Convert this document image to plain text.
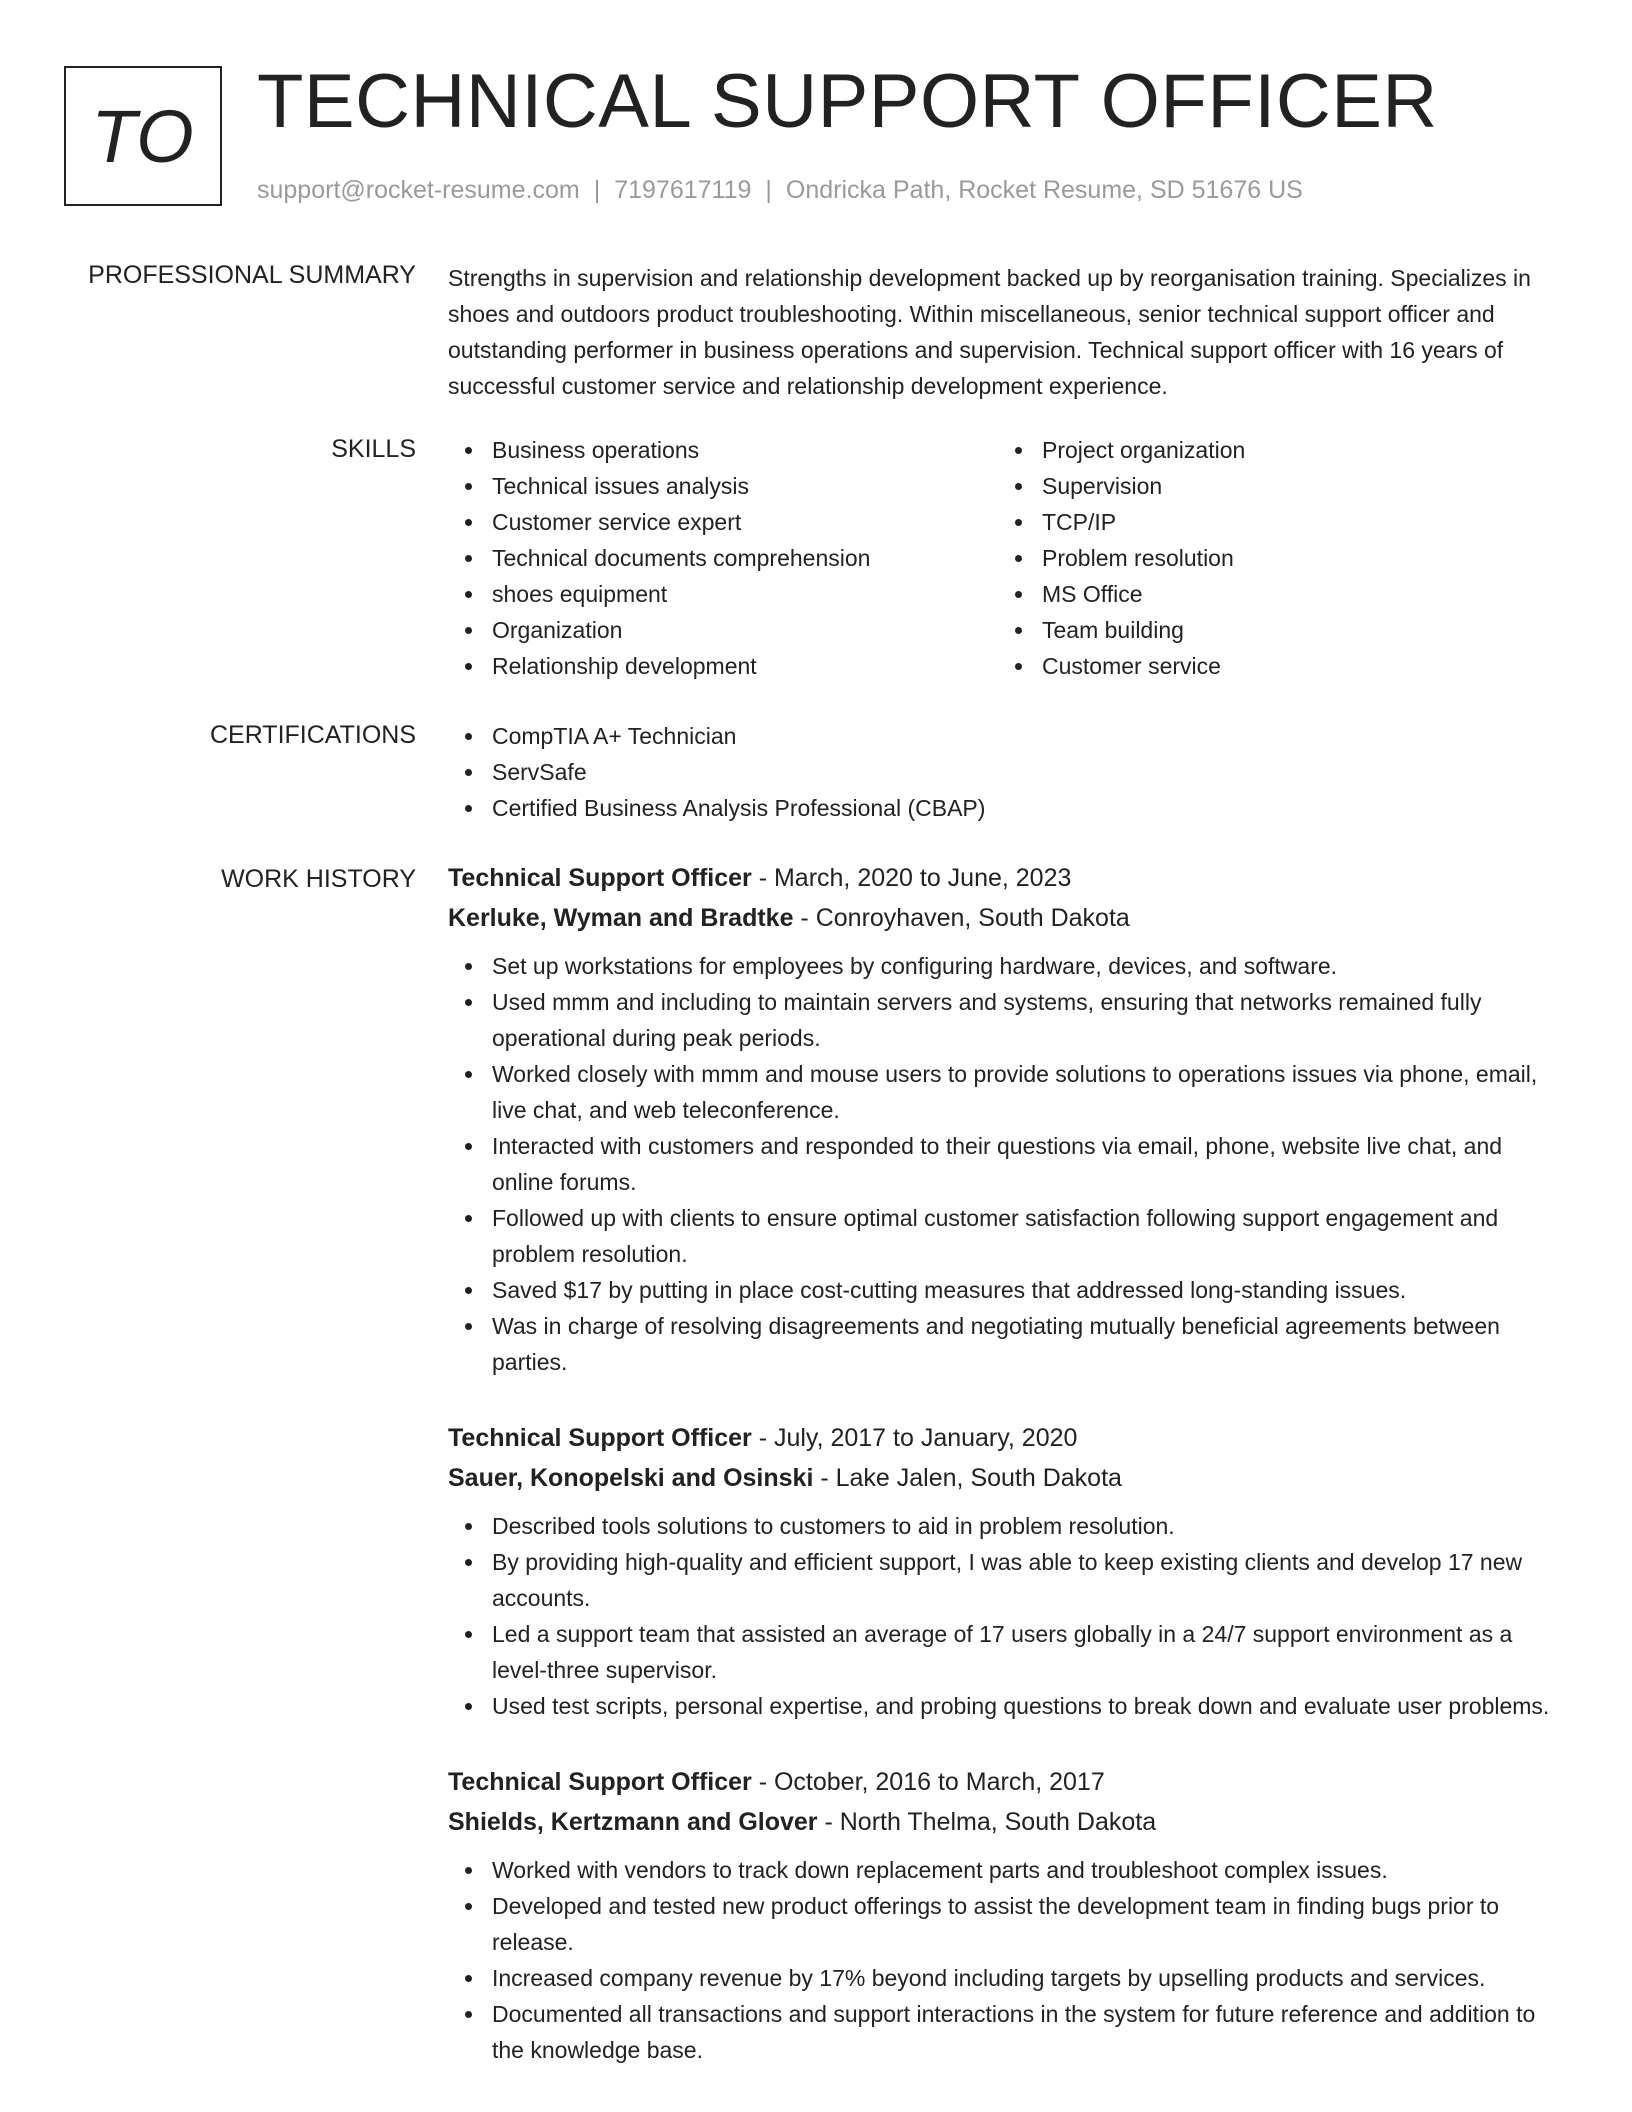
TO TECHNICAL SUPPORT OFFICER
support@rocket-resume.com | 7197617119 | Ondricka Path, Rocket Resume, SD 51676 US
PROFESSIONAL SUMMARY Strengths in supervision and relationship development backed up by reorganisation training. Specializes in shoes and outdoors product troubleshooting. Within miscellaneous, senior technical support officer and outstanding performer in business operations and supervision. Technical support officer with 16 years of successful customer service and relationship development experience.

SKILLS	Business operations
Technical issues analysis
Customer service expert
Technical documents comprehension
shoes equipment
Organization
Relationship development
Project organization
Supervision
TCP/IP
Problem resolution
MS Office
Team building
Customer service
CERTIFICATIONS	CompTIA A+ Technician
ServSafe
Certified Business Analysis Professional (CBAP)
WORK HISTORY Technical Support Officer - March, 2020 to June, 2023
Kerluke, Wyman and Bradtke - Conroyhaven, South Dakota
Set up workstations for employees by configuring hardware, devices, and software.
Used mmm and including to maintain servers and systems, ensuring that networks remained fully operational during peak periods.
Worked closely with mmm and mouse users to provide solutions to operations issues via phone, email, live chat, and web teleconference.
Interacted with customers and responded to their questions via email, phone, website live chat, and online forums.
Followed up with clients to ensure optimal customer satisfaction following support engagement and problem resolution.
Saved $17 by putting in place cost-cutting measures that addressed long-standing issues.
Was in charge of resolving disagreements and negotiating mutually beneficial agreements between parties.
Technical Support Officer - July, 2017 to January, 2020
Sauer, Konopelski and Osinski - Lake Jalen, South Dakota
Described tools solutions to customers to aid in problem resolution.
By providing high-quality and efficient support, I was able to keep existing clients and develop 17 new accounts.
Led a support team that assisted an average of 17 users globally in a 24/7 support environment as a level-three supervisor.
Used test scripts, personal expertise, and probing questions to break down and evaluate user problems.
Technical Support Officer - October, 2016 to March, 2017
Shields, Kertzmann and Glover - North Thelma, South Dakota
Worked with vendors to track down replacement parts and troubleshoot complex issues.
Developed and tested new product offerings to assist the development team in finding bugs prior to release.
Increased company revenue by 17% beyond including targets by upselling products and services.
Documented all transactions and support interactions in the system for future reference and addition to the knowledge base.
